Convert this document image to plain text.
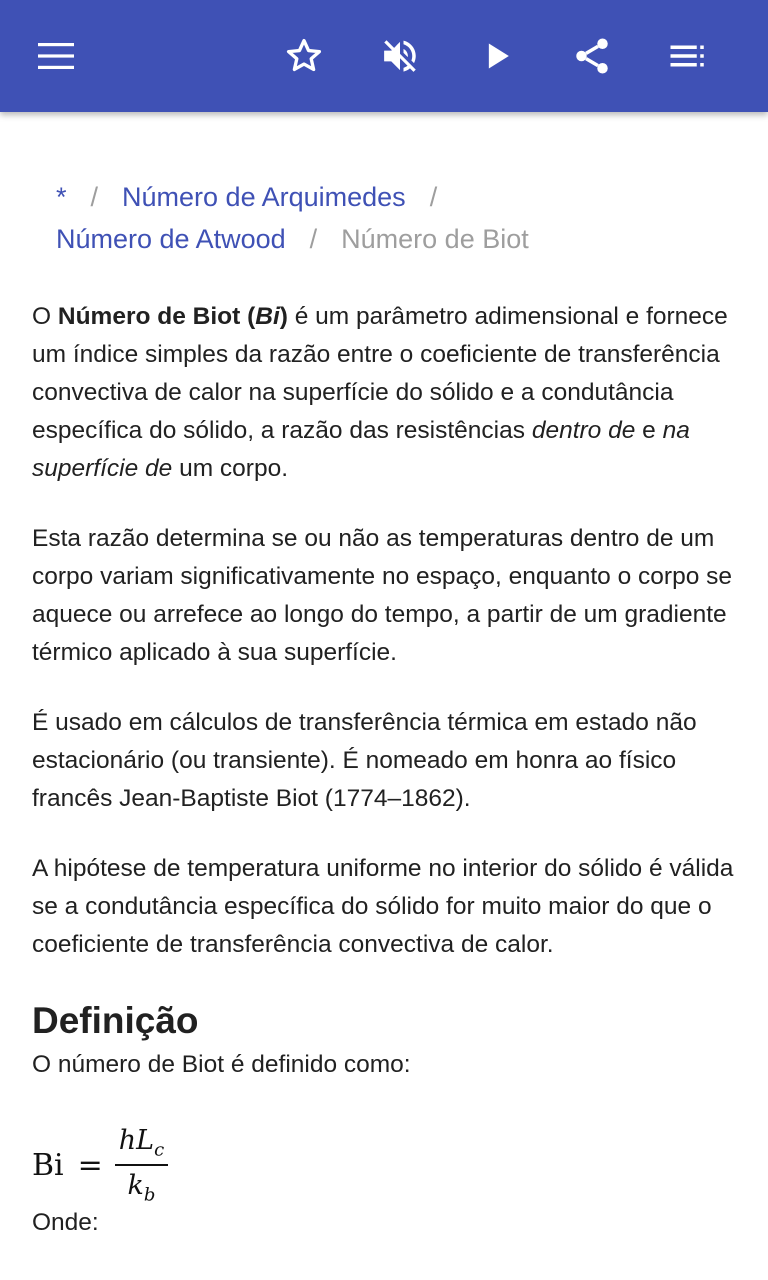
* / Número de Arquimedes /
Número de Atwood / Número de Biot

O Número de Biot (Bi) é um parâmetro adimensional e fornece um índice simples da razão entre o coeficiente de transferência convectiva de calor na superfície do sólido e a condutância específica do sólido, a razão das resistências dentro de e na superfície de um corpo.

Esta razão determina se ou não as temperaturas dentro de um corpo variam significativamente no espaço, enquanto o corpo se aquece ou arrefece ao longo do tempo, a partir de um gradiente térmico aplicado à sua superfície.

É usado em cálculos de transferência térmica em estado não estacionário (ou transiente). É nomeado em honra ao físico francês Jean-Baptiste Biot (1774–1862).

A hipótese de temperatura uniforme no interior do sólido é válida se a condutância específica do sólido for muito maior do que o coeficiente de transferência convectiva de calor.

Definição

O número de Biot é definido como:

$Bi = \frac{hL_c}{k_b}$
Onde:
